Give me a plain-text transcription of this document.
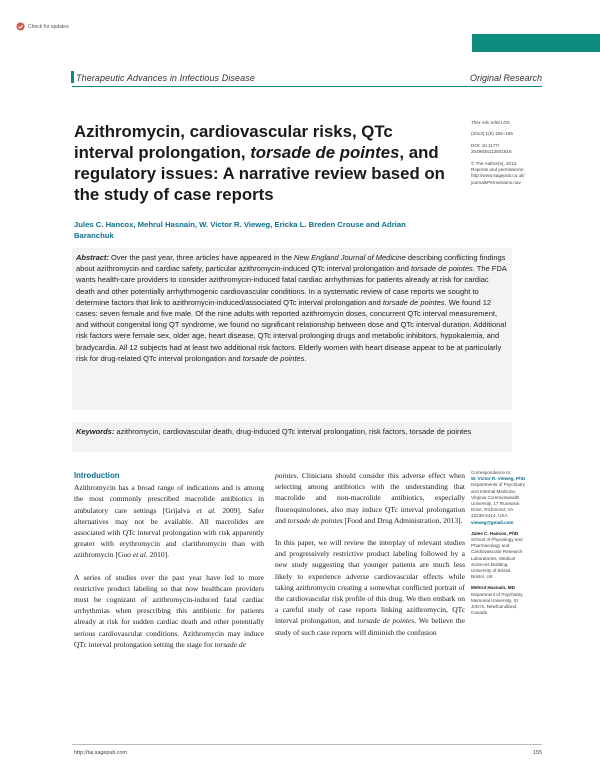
Check for updates
Therapeutic Advances in Infectious Disease	Original Research
Azithromycin, cardiovascular risks, QTc interval prolongation, torsade de pointes, and regulatory issues: A narrative review based on the study of case reports
Ther Adv Infect Dis
(2013) 1(5) 155–165
DOI: 10.1177/
2049936113501816
© The Author(s), 2013.
Reprints and permissions:
http://www.sagepub.co.uk/
journalsPermissions.nav
Jules C. Hancox, Mehrul Hasnain, W. Victor R. Vieweg, Ericka L. Breden Crouse and Adrian Baranchuk
Abstract: Over the past year, three articles have appeared in the New England Journal of Medicine describing conflicting findings about azithromycin and cardiac safety, particular azithromycin-induced QTc interval prolongation and torsade de pointes. The FDA wants health-care providers to consider azithromycin-induced fatal cardiac arrhythmias for patients already at risk for cardiac death and other potentially arrhythmogenic cardiovascular conditions. In a systematic review of case reports we sought to determine factors that link to azithromycin-induced/associated QTc interval prolongation and torsade de pointes. We found 12 cases: seven female and five male. Of the nine adults with reported azithromycin doses, concurrent QTc interval measurement, and without congenital long QT syndrome, we found no significant relationship between dose and QTc interval duration. Additional risk factors were female sex, older age, heart disease, QTc interval prolonging drugs and metabolic inhibitors, hypokalemia, and bradycardia. All 12 subjects had at least two additional risk factors. Elderly women with heart disease appear to be at particularly risk for drug-related QTc interval prolongation and torsade de pointes.
Keywords: azithromycin, cardiovascular death, drug-induced QTc interval prolongation, risk factors, torsade de pointes
Introduction

Azithromycin has a broad range of indications and is among the most commonly prescribed macrolide antibiotics in ambulatory care settings [Grijalva et al. 2009]. Safer alternatives may not be available. All macrolides are associated with QTc interval prolongation with risk apparently greater with erythromycin and clarithromycin than with azithromycin [Guo et al. 2010].

A series of studies over the past year have led to more restrictive product labeling so that now healthcare providers must be cognizant of azithromycin-induced fatal cardiac arrhythmias when prescribing this antibiotic for patients already at risk for sudden cardiac death and other potentially serious cardiovascular conditions. Azithromycin may induce QTc interval prolongation setting the stage for torsade de

pointes. Clinicians should consider this adverse effect when selecting among antibiotics with the understanding that macrolide and non-macrolide antibiotics, especially fluoroquinolones, also may induce QTc interval prolongation and torsade de pointes [Food and Drug Administration, 2013].

In this paper, we will review the interplay of relevant studies and progressively restrictive product labeling followed by a new study suggesting that younger patients are much less likely to experience adverse cardiovascular effects while taking azithromycin creating a somewhat conflicted portrait of the cardiovascular risk profile of this drug. We then embark on a careful study of case reports linking azithromycin, QTc interval prolongation, and torsade de pointes. We believe the study of such case reports will diminish the confusion

Correspondence to:
W. Victor R. Vieweg, PhD
Departments of Psychiatry
and Internal Medicine,
Virginia Commonwealth
University, 17 Runswick
Drive, Richmond, VA
23238-5414, USA
vieweg@gmail.com
Jules C. Hancox, PhD
School of Physiology and
Pharmacology and
Cardiovascular Research
Laboratories, Medical
Sciences Building,
University of Bristol,
Bristol, UK
Mehrul Hasnain, MD
Department of Psychiatry,
Memorial University, St
John's, Newfoundland,
Canada
http://tai.sagepub.com	155
